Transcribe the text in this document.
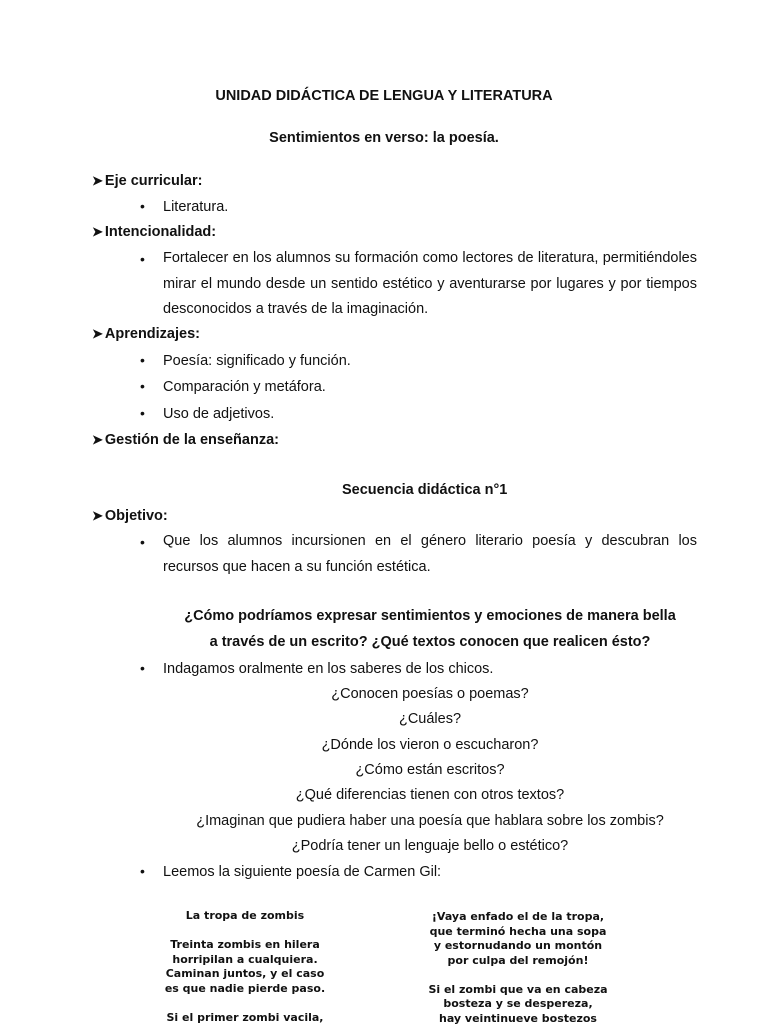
UNIDAD DIDÁCTICA DE LENGUA Y LITERATURA
Sentimientos en verso: la poesía.
➤ Eje curricular:
• Literatura.
➤ Intencionalidad:
• Fortalecer en los alumnos su formación como lectores de literatura, permitiéndoles mirar el mundo desde un sentido estético y aventurarse por lugares y por tiempos desconocidos a través de la imaginación.
➤ Aprendizajes:
• Poesía: significado y función.
• Comparación y metáfora.
• Uso de adjetivos.
➤ Gestión de la enseñanza:
Secuencia didáctica n°1
➤ Objetivo:
• Que los alumnos incursionen en el género literario poesía y descubran los recursos que hacen a su función estética.
¿Cómo podríamos expresar sentimientos y emociones de manera bella
a través de un escrito? ¿Qué textos conocen que realicen ésto?
• Indagamos oralmente en los saberes de los chicos.
¿Conocen poesías o poemas?
¿Cuáles?
¿Dónde los vieron o escucharon?
¿Cómo están escritos?
¿Qué diferencias tienen con otros textos?
¿Imaginan que pudiera haber una poesía que hablara sobre los zombis?
¿Podría tener un lenguaje bello o estético?
• Leemos la siguiente poesía de Carmen Gil:
La tropa de zombis
Treinta zombis en hilera
horripilan a cualquiera.
Caminan juntos, y el caso
es que nadie pierde paso.
Si el primer zombi vacila,
¡Vaya enfado el de la tropa,
que terminó hecha una sopa
y estornudando un montón
por culpa del remojón!
Si el zombi que va en cabeza
bosteza y se despereza,
hay veintinueve bostezos
